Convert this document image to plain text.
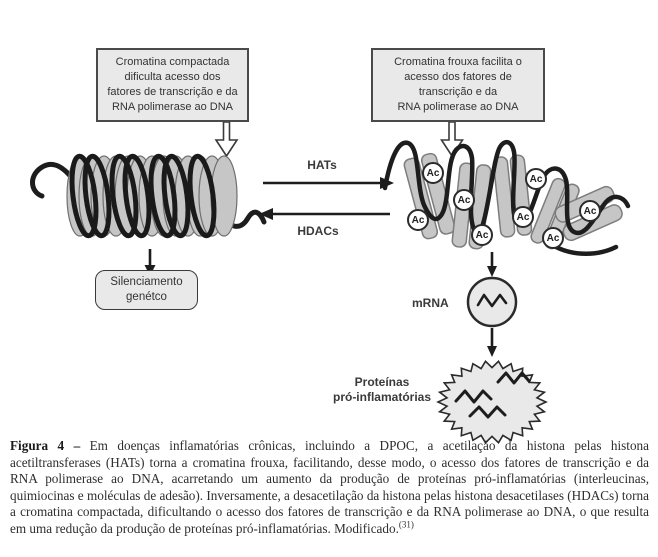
Cromatina compactada
dificulta acesso dos
fatores de transcrição e da
RNA polimerase ao DNA
Cromatina frouxa facilita o
acesso dos fatores de
transcrição e da
RNA polimerase ao DNA
Silenciamento
genétco
HATs
HDACs
mRNA
Proteínas
pró-inflamatórias
Ac
Ac
Ac
Ac
Ac
Ac
Ac
Ac

Figura 4 – Em doenças inflamatórias crônicas, incluindo a DPOC, a acetilação da histona pelas histona acetiltransferases (HATs) torna a cromatina frouxa, facilitando, desse modo, o acesso dos fatores de transcrição e da RNA polimerase ao DNA, acarretando um aumento da produção de proteínas pró-inflamatórias (interleucinas, quimiocinas e moléculas de adesão). Inversamente, a desacetilação da histona pelas histona desacetilases (HDACs) torna a cromatina compactada, dificultando o acesso dos fatores de transcrição e da RNA polimerase ao DNA, o que resulta em uma redução da produção de proteínas pró-inflamatórias. Modificado.$^{(31)}$
